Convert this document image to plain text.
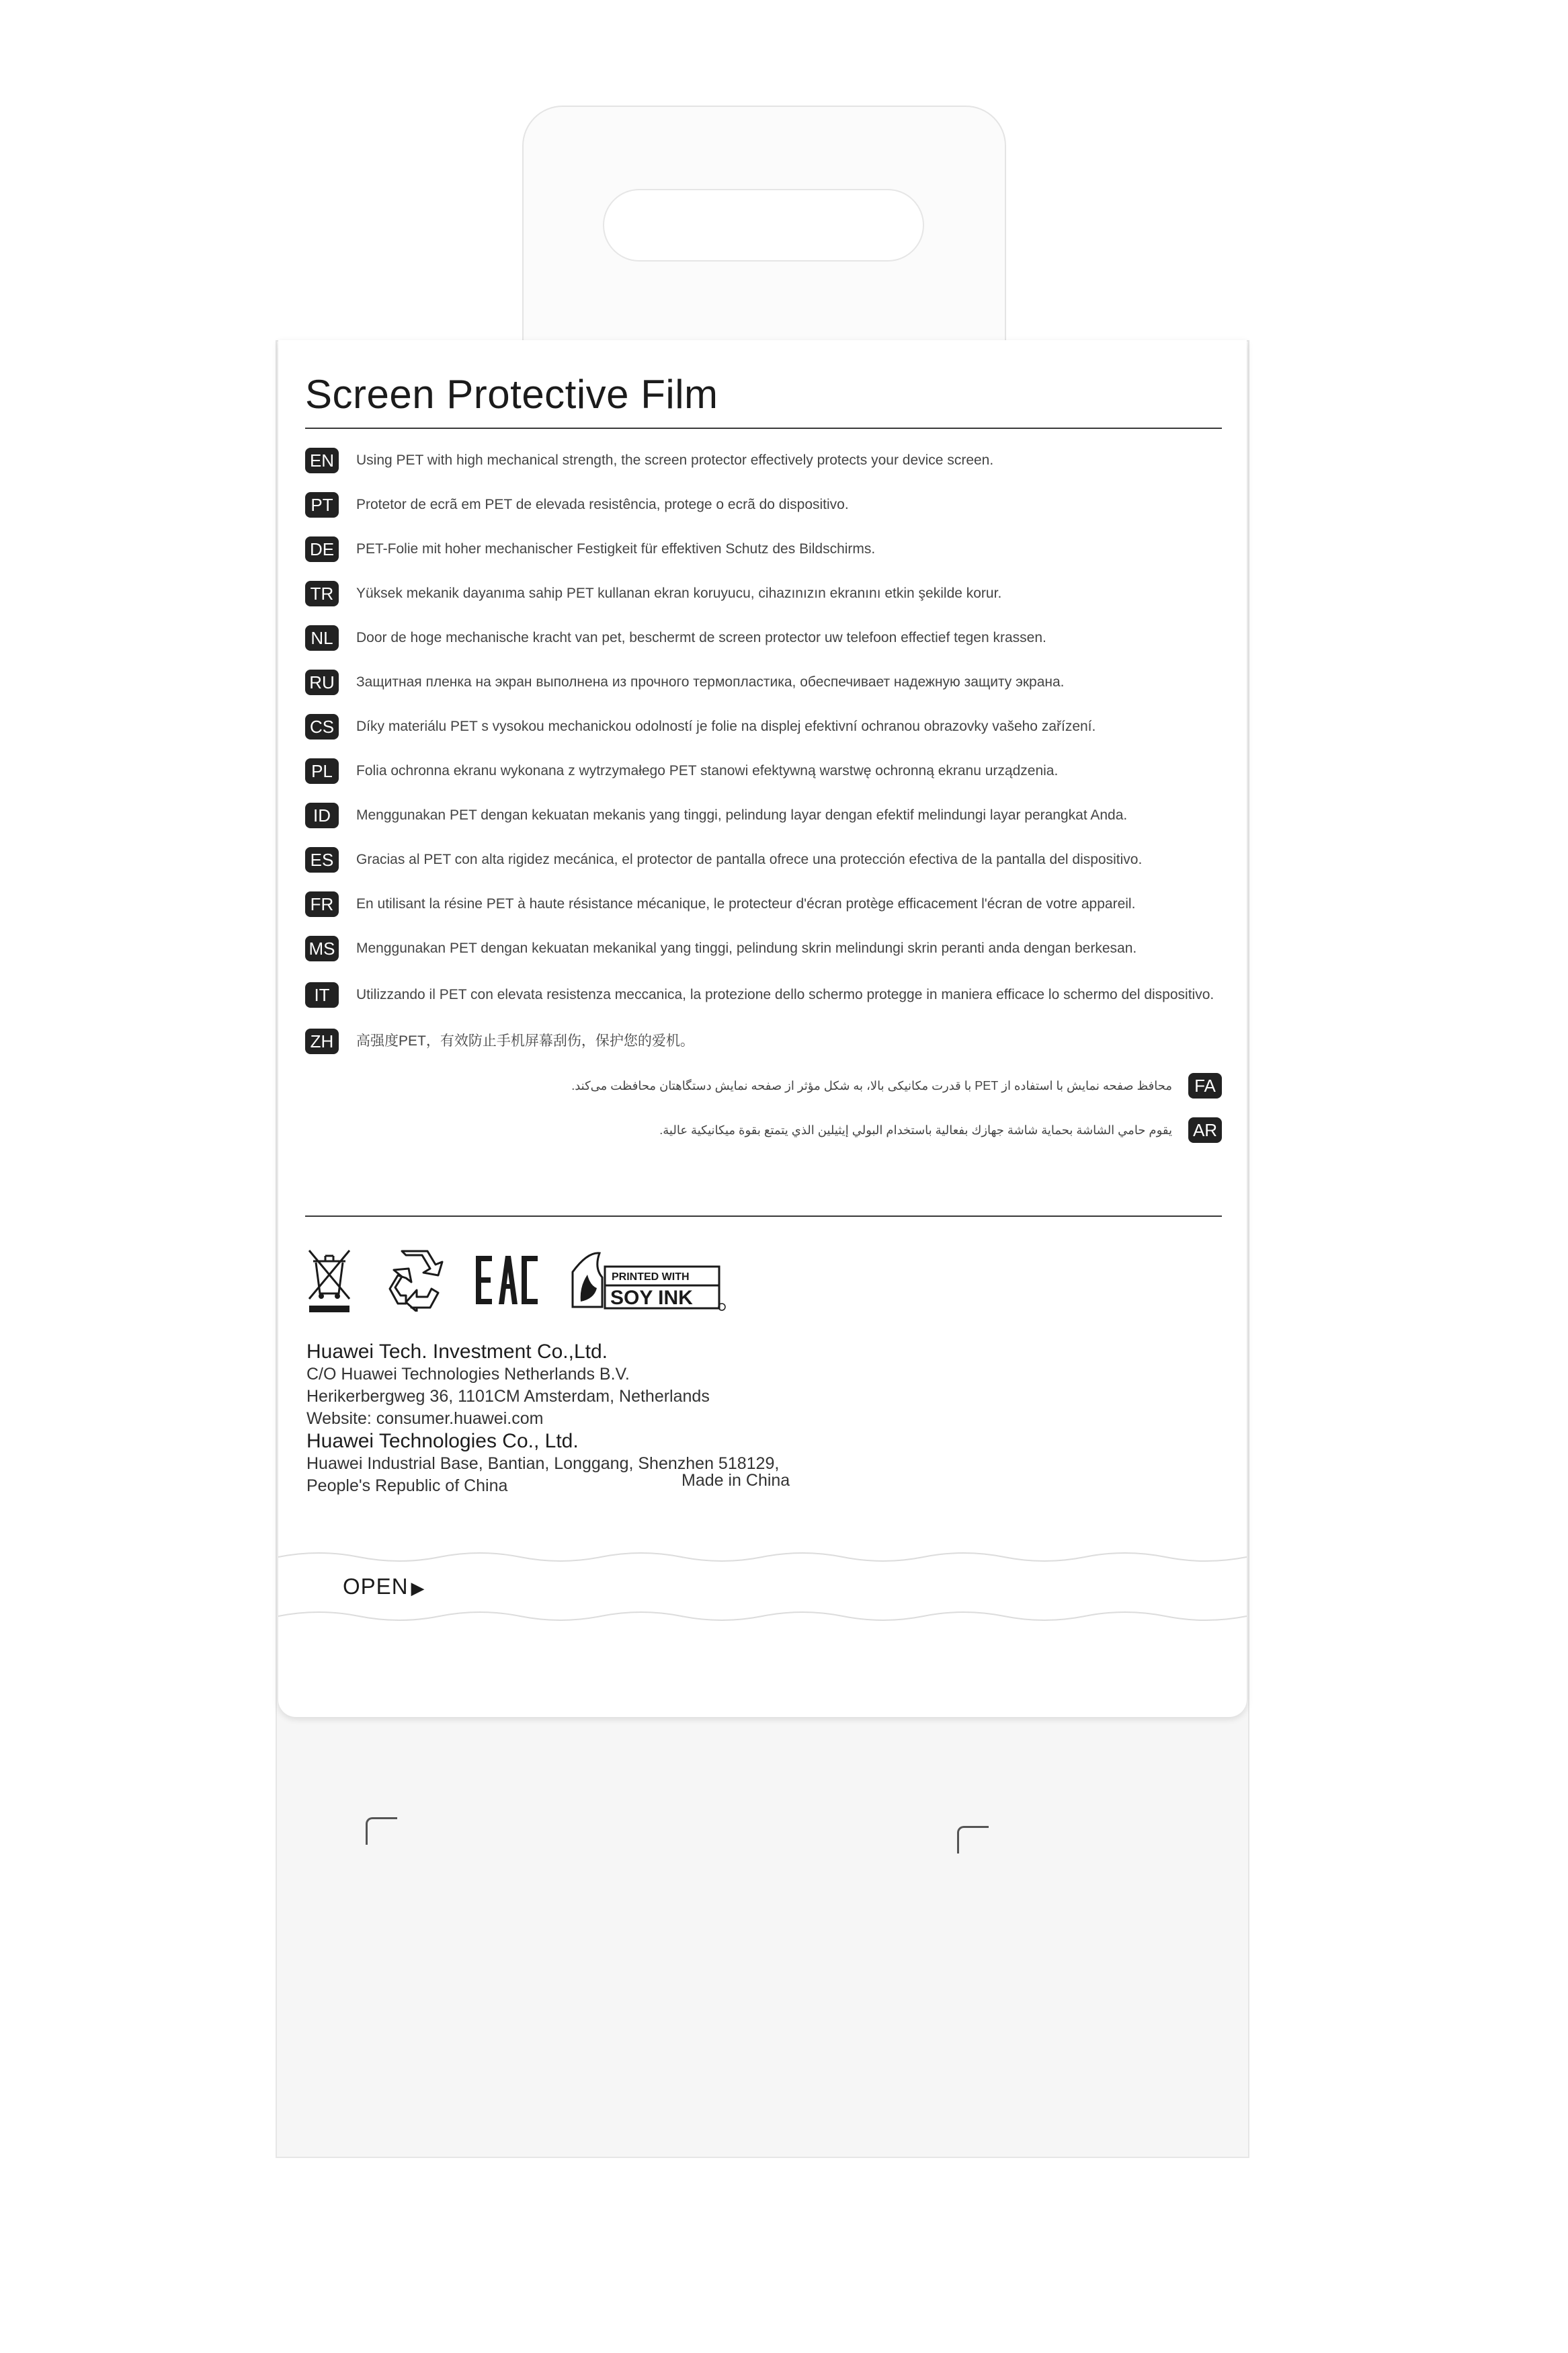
Screen Protective Film
EN	Using PET with high mechanical strength, the screen protector effectively protects your device screen.
PT	Protetor de ecrã em PET de elevada resistência, protege o ecrã do dispositivo.
DE	PET-Folie mit hoher mechanischer Festigkeit für effektiven Schutz des Bildschirms.
TR	Yüksek mekanik dayanıma sahip PET kullanan ekran koruyucu, cihazınızın ekranını etkin şekilde korur.
NL	Door de hoge mechanische kracht van pet, beschermt de screen protector uw telefoon effectief tegen krassen.
RU Защитная пленка на экран выполнена из прочного термопластика, обеспечивает надежную защиту экрана.
CS	Díky materiálu PET s vysokou mechanickou odolností je folie na displej efektivní ochranou obrazovky vašeho zařízení.
PL	Folia ochronna ekranu wykonana z wytrzymałego PET stanowi efektywną warstwę ochronną ekranu urządzenia.
ID	Menggunakan PET dengan kekuatan mekanis yang tinggi, pelindung layar dengan efektif melindungi layar perangkat Anda.
ES	Gracias al PET con alta rigidez mecánica, el protector de pantalla ofrece una protección efectiva de la pantalla del dispositivo.
FR	En utilisant la résine PET à haute résistance mécanique, le protecteur d'écran protège efficacement l'écran de votre appareil.
MS Menggunakan PET dengan kekuatan mekanikal yang tinggi, pelindung skrin melindungi skrin peranti anda dengan berkesan.
IT	Utilizzando il PET con elevata resistenza meccanica, la protezione dello schermo protegge in maniera efficace lo schermo del dispositivo.
ZH	高强度PET，有效防止手机屏幕刮伤，保护您的爱机。
محافظ صفحه نمایش با استفاده از PET با قدرت مکانیکی بالا، به شکل مؤثر از صفحه نمایش دستگاهتان محافظت می‌کند.	FA
يقوم حامي الشاشة بحماية شاشة جهازك بفعالية باستخدام البولي إيثيلين الذي يتمتع بقوة ميكانيكية عالية. AR
PRINTED WITH
SOY INK
Huawei Tech. Investment Co.,Ltd.
C/O Huawei Technologies Netherlands B.V.
Herikerbergweg 36, 1101CM Amsterdam, Netherlands
Website: consumer.huawei.com
Huawei Technologies Co., Ltd.
Huawei Industrial Base, Bantian, Longgang, Shenzhen 518129,
People's Republic of China	Made in China
OPEN ▶
